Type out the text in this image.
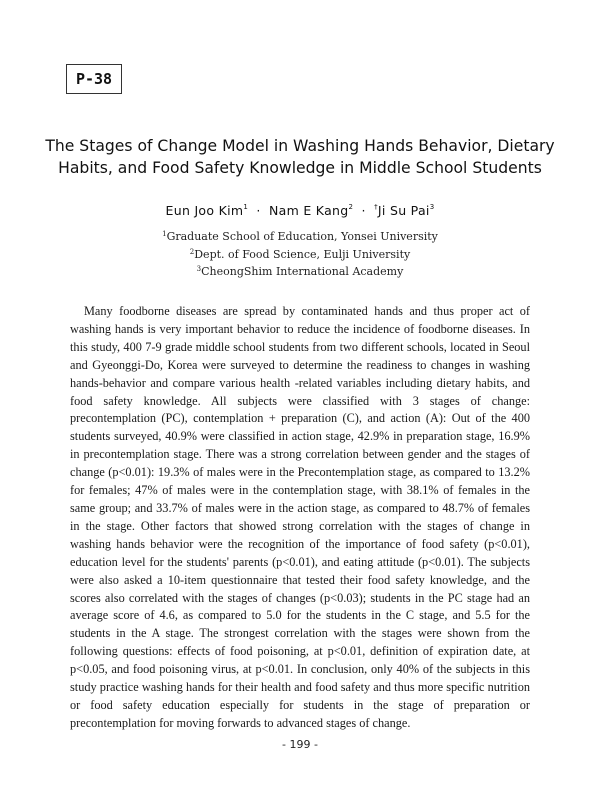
P-38
The Stages of Change Model in Washing Hands Behavior, Dietary
Habits, and Food Safety Knowledge in Middle School Students
Eun Joo Kim$^1$ · Nam E Kang$^2$ · †Ji Su Pai$^3$
$^1$Graduate School of Education, Yonsei University
$^2$Dept. of Food Science, Eulji University
$^3$CheongShim International Academy

Many foodborne diseases are spread by contaminated hands and thus proper act of washing hands is very important behavior to reduce the incidence of foodborne diseases. In this study, 400 7-9 grade middle school students from two different schools, located in Seoul and Gyeonggi-Do, Korea were surveyed to determine the readiness to changes in washing hands-behavior and compare various health -related variables including dietary habits, and food safety knowledge. All subjects were classified with 3 stages of change: precontemplation (PC), contemplation + preparation (C), and action (A): Out of the 400 students surveyed, 40.9% were classified in action stage, 42.9% in preparation stage, 16.9% in precontemplation stage. There was a strong correlation between gender and the stages of change (p<0.01): 19.3% of males were in the Precontemplation stage, as compared to 13.2% for females; 47% of males were in the contemplation stage, with 38.1% of females in the same group; and 33.7% of males were in the action stage, as compared to 48.7% of females in the stage. Other factors that showed strong correlation with the stages of change in washing hands behavior were the recognition of the importance of food safety (p<0.01), education level for the students' parents (p<0.01), and eating attitude (p<0.01). The subjects were also asked a 10-item questionnaire that tested their food safety knowledge, and the scores also correlated with the stages of changes (p<0.03); students in the PC stage had an average score of 4.6, as compared to 5.0 for the students in the C stage, and 5.5 for the students in the A stage. The strongest correlation with the stages were shown from the following questions: effects of food poisoning, at p<0.01, definition of expiration date, at p<0.05, and food poisoning virus, at p<0.01. In conclusion, only 40% of the subjects in this study practice washing hands for their health and food safety and thus more specific nutrition or food safety education especially for students in the stage of preparation or precontemplation for moving forwards to advanced stages of change.

- 199 -
